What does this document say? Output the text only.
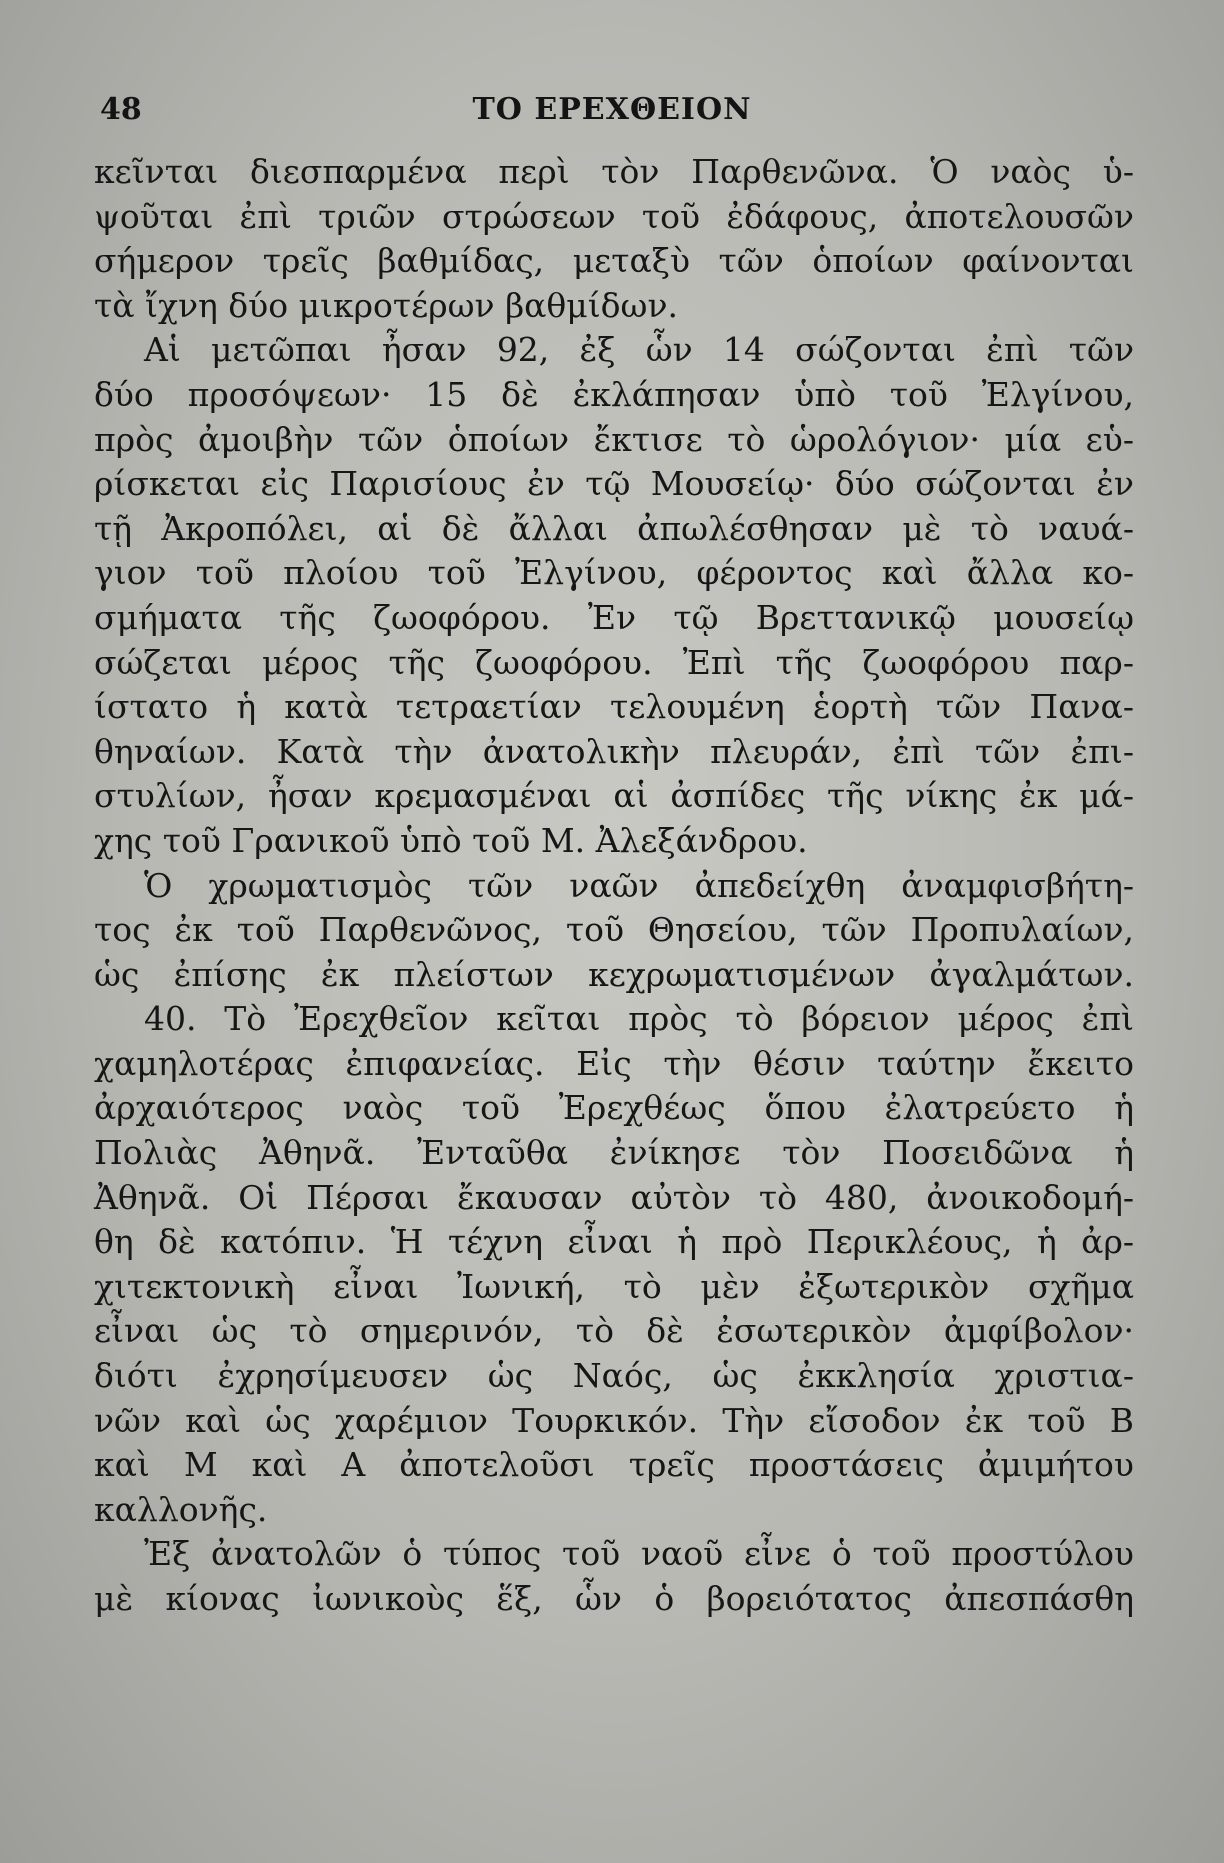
48	ΤΟ ΕΡΕΧΘΕΙΟΝ
κεῖνται διεσπαρμένα περὶ τὸν Παρθενῶνα. Ὁ ναὸς ὑ-
ψοῦται ἐπὶ τριῶν στρώσεων τοῦ ἐδάφους, ἀποτελουσῶν
σήμερον τρεῖς βαθμίδας, μεταξὺ τῶν ὁποίων φαίνονται
τὰ ἴχνη δύο μικροτέρων βαθμίδων.
Αἱ μετῶπαι ἦσαν 92, ἐξ ὧν 14 σώζονται ἐπὶ τῶν
δύο προσόψεων· 15 δὲ ἐκλάπησαν ὑπὸ τοῦ Ἐλγίνου,
πρὸς ἀμοιβὴν τῶν ὁποίων ἔκτισε τὸ ὡρολόγιον· μία εὑ-
ρίσκεται εἰς Παρισίους ἐν τῷ Μουσείῳ· δύο σώζονται ἐν
τῇ Ἀκροπόλει, αἱ δὲ ἄλλαι ἀπωλέσθησαν μὲ τὸ ναυά-
γιον τοῦ πλοίου τοῦ Ἐλγίνου, φέροντος καὶ ἄλλα κο-
σμήματα τῆς ζωοφόρου. Ἐν τῷ Βρεττανικῷ μουσείῳ
σώζεται μέρος τῆς ζωοφόρου. Ἐπὶ τῆς ζωοφόρου παρ-
ίστατο ἡ κατὰ τετραετίαν τελουμένη ἑορτὴ τῶν Πανα-
θηναίων. Κατὰ τὴν ἀνατολικὴν πλευράν, ἐπὶ τῶν ἐπι-
στυλίων, ἦσαν κρεμασμέναι αἱ ἀσπίδες τῆς νίκης ἐκ μά-
χης τοῦ Γρανικοῦ ὑπὸ τοῦ Μ. Ἀλεξάνδρου.
Ὁ χρωματισμὸς τῶν ναῶν ἀπεδείχθη ἀναμφισβήτη-
τος ἐκ τοῦ Παρθενῶνος, τοῦ Θησείου, τῶν Προπυλαίων,
ὡς ἐπίσης ἐκ πλείστων κεχρωματισμένων ἀγαλμάτων.
40. Τὸ Ἐρεχθεῖον κεῖται πρὸς τὸ βόρειον μέρος ἐπὶ
χαμηλοτέρας ἐπιφανείας. Εἰς τὴν θέσιν ταύτην ἔκειτο
ἀρχαιότερος ναὸς τοῦ Ἐρεχθέως ὅπου ἐλατρεύετο ἡ
Πολιὰς Ἀθηνᾶ. Ἐνταῦθα ἐνίκησε τὸν Ποσειδῶνα ἡ
Ἀθηνᾶ. Οἱ Πέρσαι ἔκαυσαν αὐτὸν τὸ 480, ἀνοικοδομή-
θη δὲ κατόπιν. Ἡ τέχνη εἶναι ἡ πρὸ Περικλέους, ἡ ἀρ-
χιτεκτονικὴ εἶναι Ἰωνική, τὸ μὲν ἐξωτερικὸν σχῆμα
εἶναι ὡς τὸ σημερινόν, τὸ δὲ ἐσωτερικὸν ἀμφίβολον·
διότι ἐχρησίμευσεν ὡς Ναός, ὡς ἐκκλησία χριστια-
νῶν καὶ ὡς χαρέμιον Τουρκικόν. Τὴν εἴσοδον ἐκ τοῦ Β
καὶ Μ καὶ Α ἀποτελοῦσι τρεῖς προστάσεις ἀμιμήτου
καλλονῆς.
Ἐξ ἀνατολῶν ὁ τύπος τοῦ ναοῦ εἶνε ὁ τοῦ προστύλου
μὲ κίονας ἰωνικοὺς ἕξ, ὧν ὁ βορειότατος ἀπεσπάσθη
